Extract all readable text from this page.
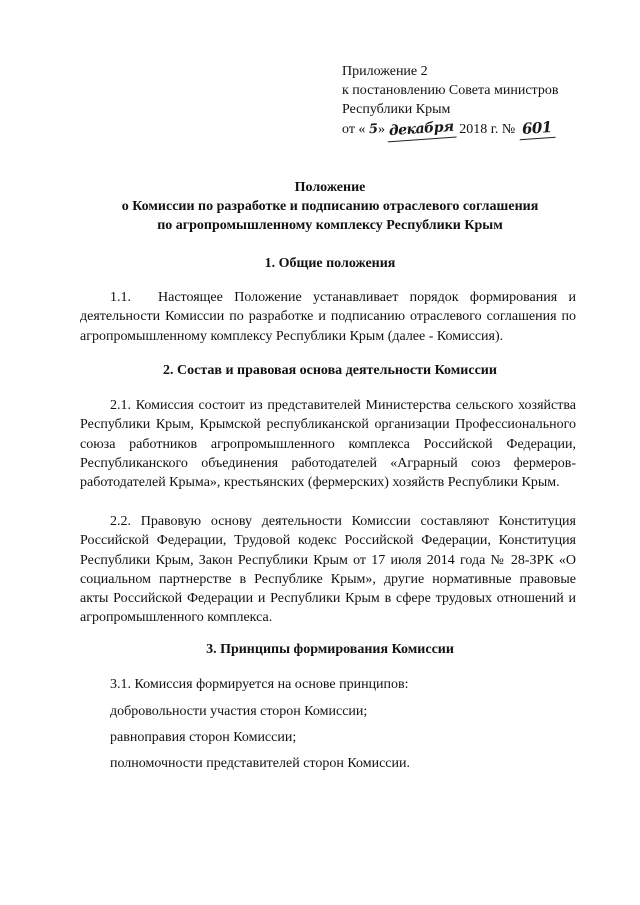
Приложение 2
к постановлению Совета министров
Республики Крым
от « 5» декабря 2018 г. № 601
Положение
о Комиссии по разработке и подписанию отраслевого соглашения
по агропромышленному комплексу Республики Крым
1. Общие положения
1.1. Настоящее Положение устанавливает порядок формирования и деятельности Комиссии по разработке и подписанию отраслевого соглашения по агропромышленному комплексу Республики Крым (далее - Комиссия).
2. Состав и правовая основа деятельности Комиссии
2.1. Комиссия состоит из представителей Министерства сельского хозяйства Республики Крым, Крымской республиканской организации Профессионального союза работников агропромышленного комплекса Российской Федерации, Республиканского объединения работодателей «Аграрный союз фермеров-работодателей Крыма», крестьянских (фермерских) хозяйств Республики Крым.
2.2. Правовую основу деятельности Комиссии составляют Конституция Российской Федерации, Трудовой кодекс Российской Федерации, Конституция Республики Крым, Закон Республики Крым от 17 июля 2014 года № 28-ЗРК «О социальном партнерстве в Республике Крым», другие нормативные правовые акты Российской Федерации и Республики Крым в сфере трудовых отношений и агропромышленного комплекса.
3. Принципы формирования Комиссии
3.1. Комиссия формируется на основе принципов:
добровольности участия сторон Комиссии;
равноправия сторон Комиссии;
полномочности представителей сторон Комиссии.
